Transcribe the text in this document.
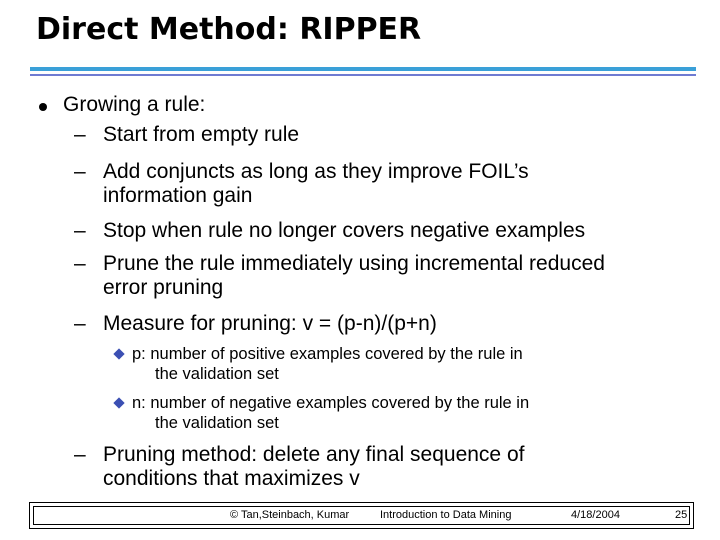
Direct Method: RIPPER
Growing a rule:
– Start from empty rule
– Add conjuncts as long as they improve FOIL’s
information gain
– Stop when rule no longer covers negative examples
– Prune the rule immediately using incremental reduced
error pruning
– Measure for pruning: v = (p-n)/(p+n)
p: number of positive examples covered by the rule in
the validation set
n: number of negative examples covered by the rule in
the validation set
– Pruning method: delete any final sequence of
conditions that maximizes v
© Tan,Steinbach, Kumar	Introduction to Data Mining	4/18/2004	25
